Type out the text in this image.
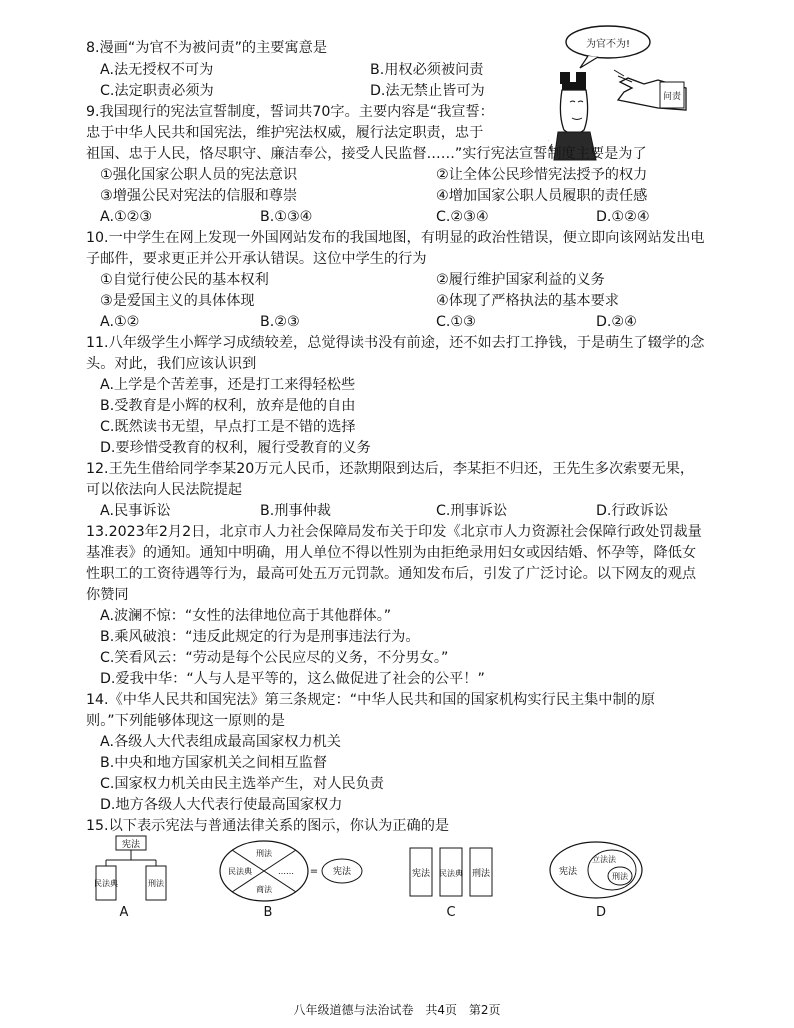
8.漫画“为官不为被问责”的主要寓意是
A.法无授权不可为	B.用权必须被问责
C.法定职责必须为	D.法无禁止皆可为
为官不为!
问责
9.我国现行的宪法宣誓制度，誓词共70字。主要内容是“我宣誓：
忠于中华人民共和国宪法，维护宪法权威，履行法定职责，忠于
祖国、忠于人民，恪尽职守、廉洁奉公，接受人民监督……”实行宪法宣誓制度主要是为了
①强化国家公职人员的宪法意识	②让全体公民珍惜宪法授予的权力
③增强公民对宪法的信服和尊崇	④增加国家公职人员履职的责任感
A.①②③	B.①③④	C.②③④	D.①②④
10.一中学生在网上发现一外国网站发布的我国地图，有明显的政治性错误，便立即向该网站发出电
子邮件，要求更正并公开承认错误。这位中学生的行为
①自觉行使公民的基本权利	②履行维护国家利益的义务
③是爱国主义的具体体现	④体现了严格执法的基本要求
A.①②	B.②③	C.①③	D.②④
11.八年级学生小辉学习成绩较差，总觉得读书没有前途，还不如去打工挣钱，于是萌生了辍学的念
头。对此，我们应该认识到
A.上学是个苦差事，还是打工来得轻松些
B.受教育是小辉的权利，放弃是他的自由
C.既然读书无望，早点打工是不错的选择
D.要珍惜受教育的权利，履行受教育的义务
12.王先生借给同学李某20万元人民币，还款期限到达后，李某拒不归还，王先生多次索要无果，
可以依法向人民法院提起
A.民事诉讼	B.刑事仲裁	C.刑事诉讼	D.行政诉讼
13.2023年2月2日，北京市人力社会保障局发布关于印发《北京市人力资源社会保障行政处罚裁量
基准表》的通知。通知中明确，用人单位不得以性别为由拒绝录用妇女或因结婚、怀孕等，降低女
性职工的工资待遇等行为，最高可处五万元罚款。通知发布后，引发了广泛讨论。以下网友的观点
你赞同
A.波澜不惊：“女性的法律地位高于其他群体。”
B.乘风破浪：“违反此规定的行为是刑事违法行为。
C.笑看风云：“劳动是每个公民应尽的义务，不分男女。”
D.爱我中华：“人与人是平等的，这么做促进了社会的公平！”
14.《中华人民共和国宪法》第三条规定：“中华人民共和国的国家机构实行民主集中制的原
则。”下列能够体现这一原则的是
A.各级人大代表组成最高国家权力机关
B.中央和地方国家机关之间相互监督
C.国家权力机关由民主选举产生，对人民负责
D.地方各级人大代表行使最高国家权力
15.以下表示宪法与普通法律关系的图示，你认为正确的是
宪法
民法典	刑法
刑法
民法典	……
商法
= 宪法	宪法 民法典 刑法	宪法
立法法
刑法
A	B	C	D
八年级道德与法治试卷 共4页 第2页
